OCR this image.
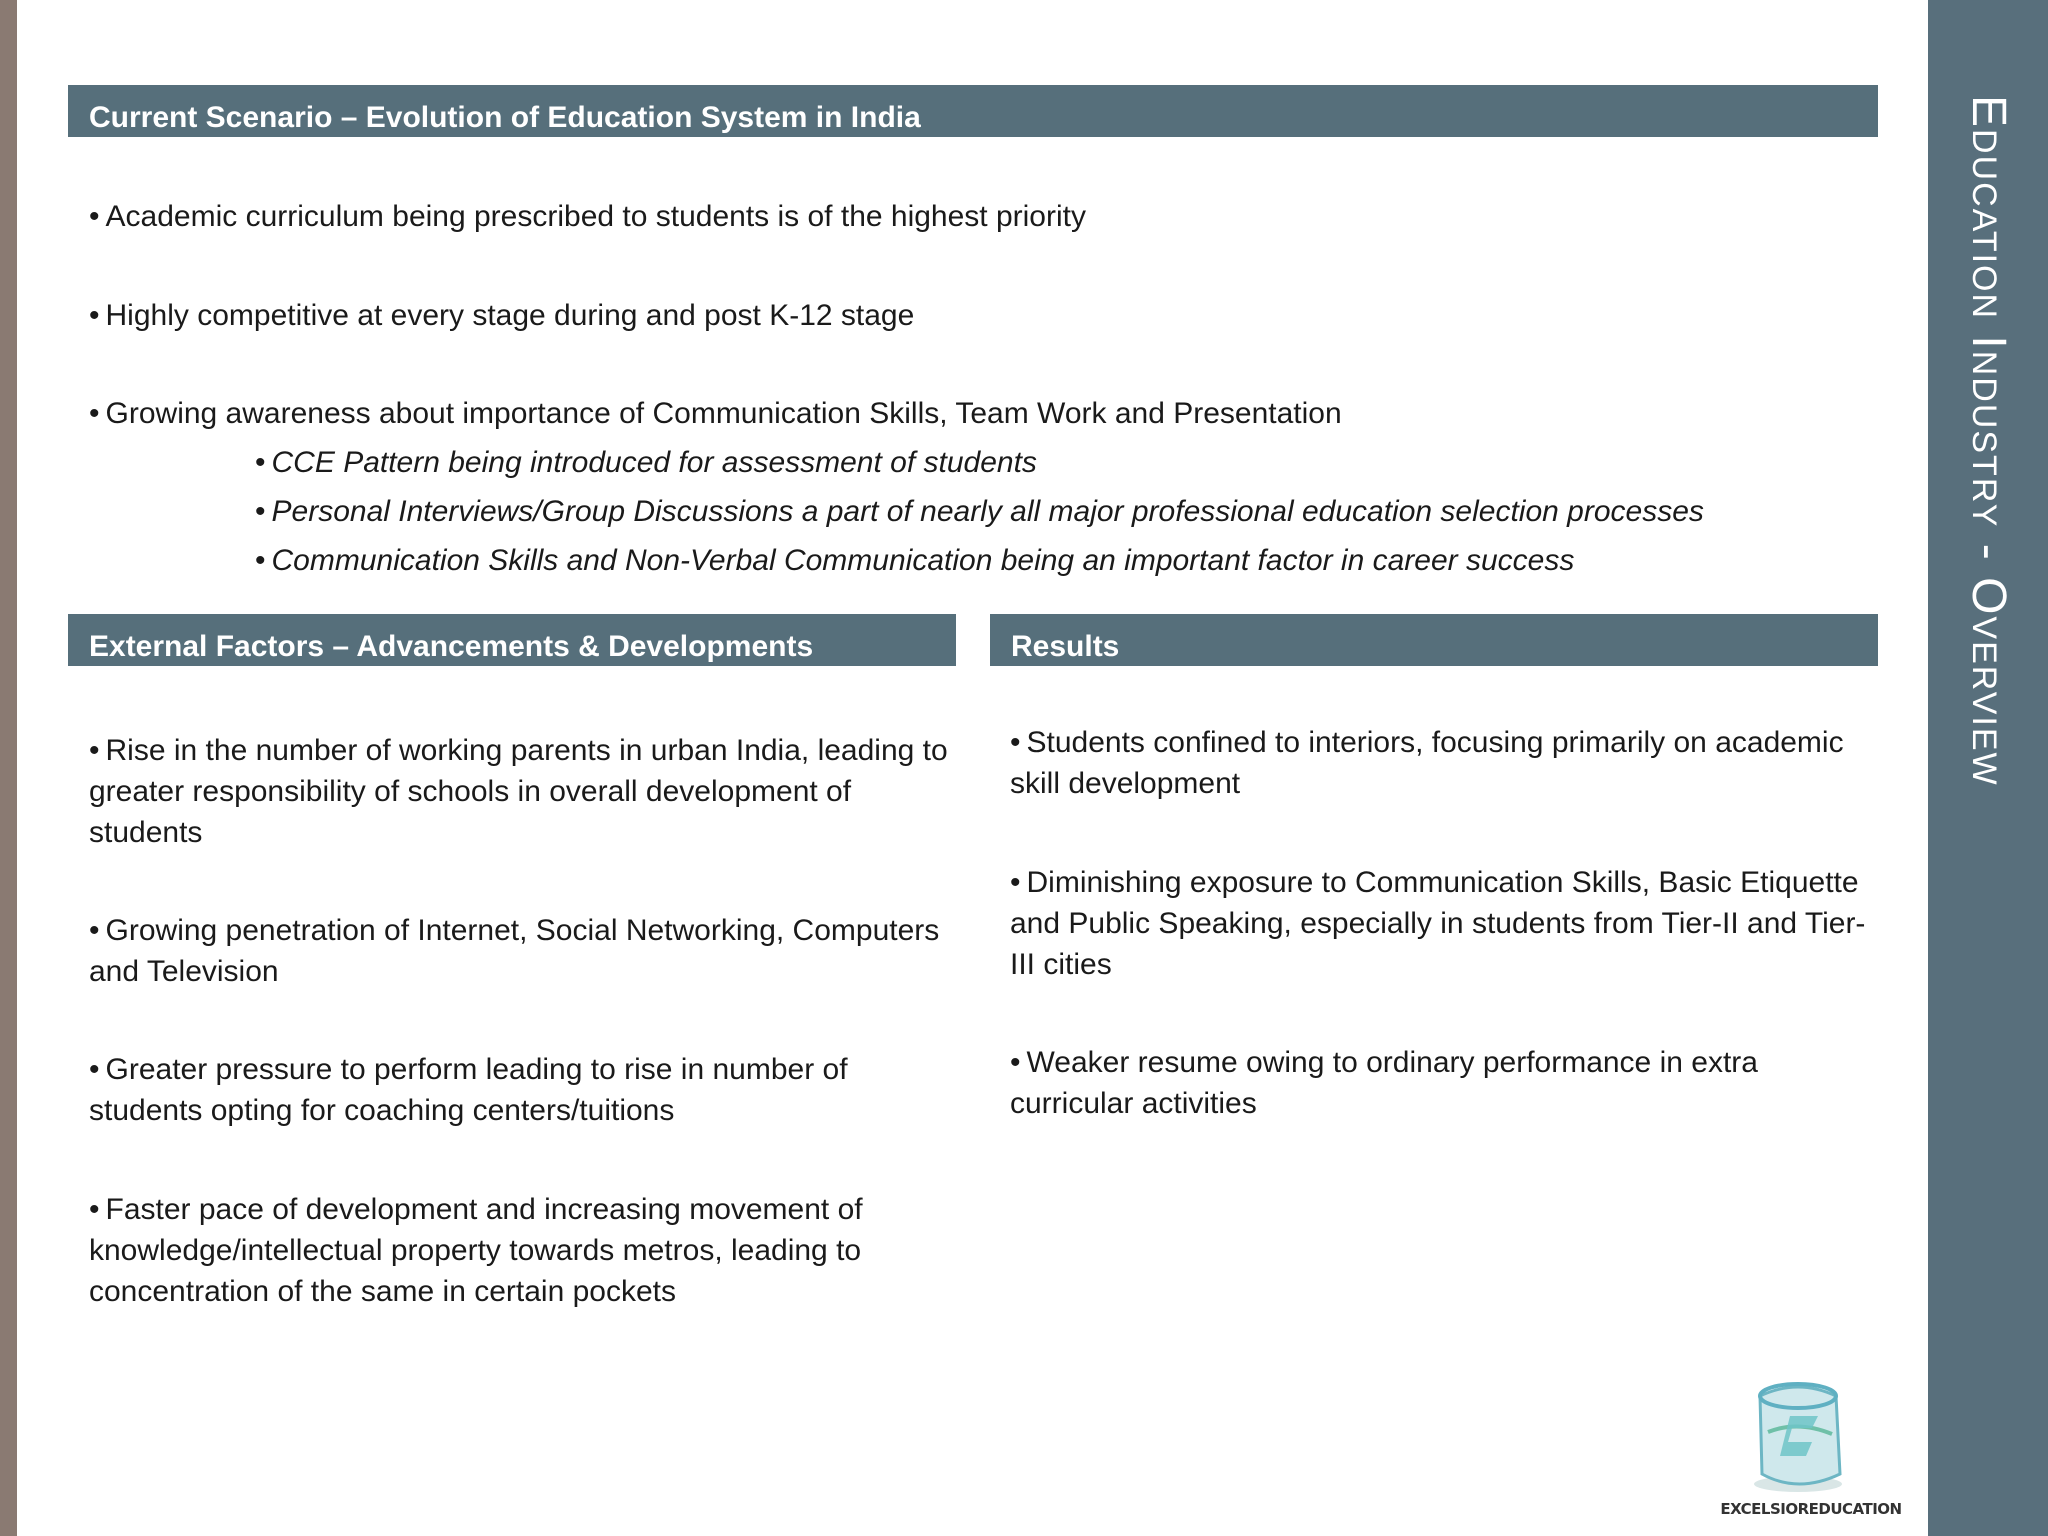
Education Industry - Overview
Current Scenario – Evolution of Education System in India
• Academic curriculum being prescribed to students is of the highest priority
• Highly competitive at every stage during and post K-12 stage
• Growing awareness about importance of Communication Skills, Team Work and Presentation
• CCE Pattern being introduced for assessment of students
• Personal Interviews/Group Discussions a part of nearly all major professional education selection processes
• Communication Skills and Non-Verbal Communication being an important factor in career success
External Factors – Advancements & Developments
• Rise in the number of working parents in urban India, leading to greater responsibility of schools in overall development of students
• Growing penetration of Internet, Social Networking, Computers and Television
• Greater pressure to perform leading to rise in number of students opting for coaching centers/tuitions
• Faster pace of development and increasing movement of knowledge/intellectual property towards metros, leading to concentration of the same in certain pockets
Results
• Students confined to interiors, focusing primarily on academic skill development
• Diminishing exposure to Communication Skills, Basic Etiquette and Public Speaking, especially in students from Tier-II and Tier-III cities
• Weaker resume owing to ordinary performance in extra curricular activities
EXCELSIOREDUCATION
